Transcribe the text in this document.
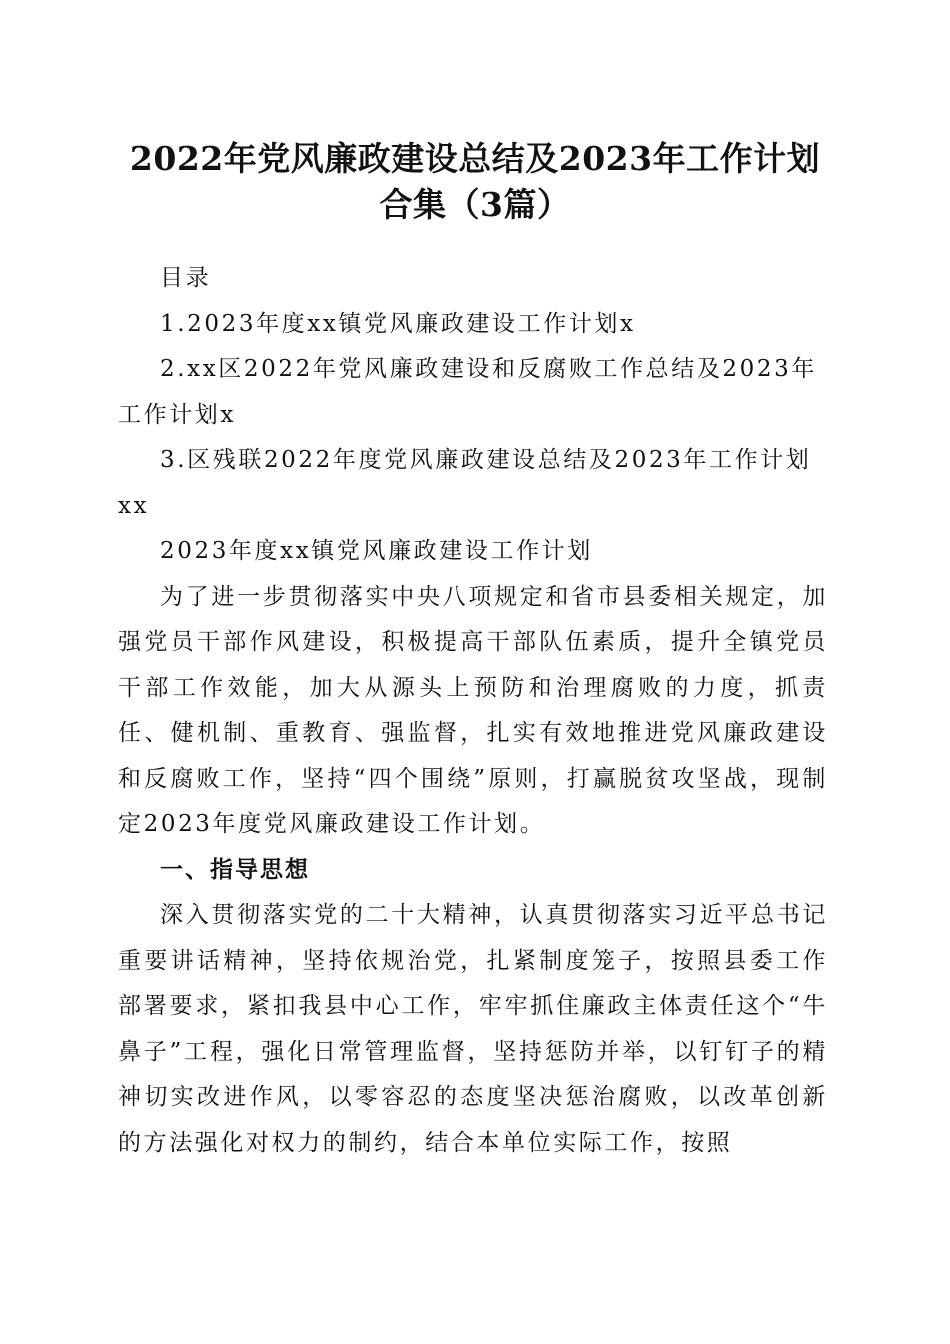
2022年党风廉政建设总结及2023年工作计划
合集（3篇）

目录

1.2023年度xx镇党风廉政建设工作计划x

2.xx区2022年党风廉政建设和反腐败工作总结及2023年工作计划x

3.区残联2022年度党风廉政建设总结及2023年工作计划xx

2023年度xx镇党风廉政建设工作计划

为了进一步贯彻落实中央八项规定和省市县委相关规定，加强党员干部作风建设，积极提高干部队伍素质，提升全镇党员干部工作效能，加大从源头上预防和治理腐败的力度，抓责任、健机制、重教育、强监督，扎实有效地推进党风廉政建设和反腐败工作，坚持“四个围绕”原则，打赢脱贫攻坚战，现制定2023年度党风廉政建设工作计划。

一、指导思想

深入贯彻落实党的二十大精神，认真贯彻落实习近平总书记重要讲话精神，坚持依规治党，扎紧制度笼子，按照县委工作部署要求，紧扣我县中心工作，牢牢抓住廉政主体责任这个“牛鼻子”工程，强化日常管理监督，坚持惩防并举，以钉钉子的精神切实改进作风，以零容忍的态度坚决惩治腐败，以改革创新的方法强化对权力的制约，结合本单位实际工作，按照
